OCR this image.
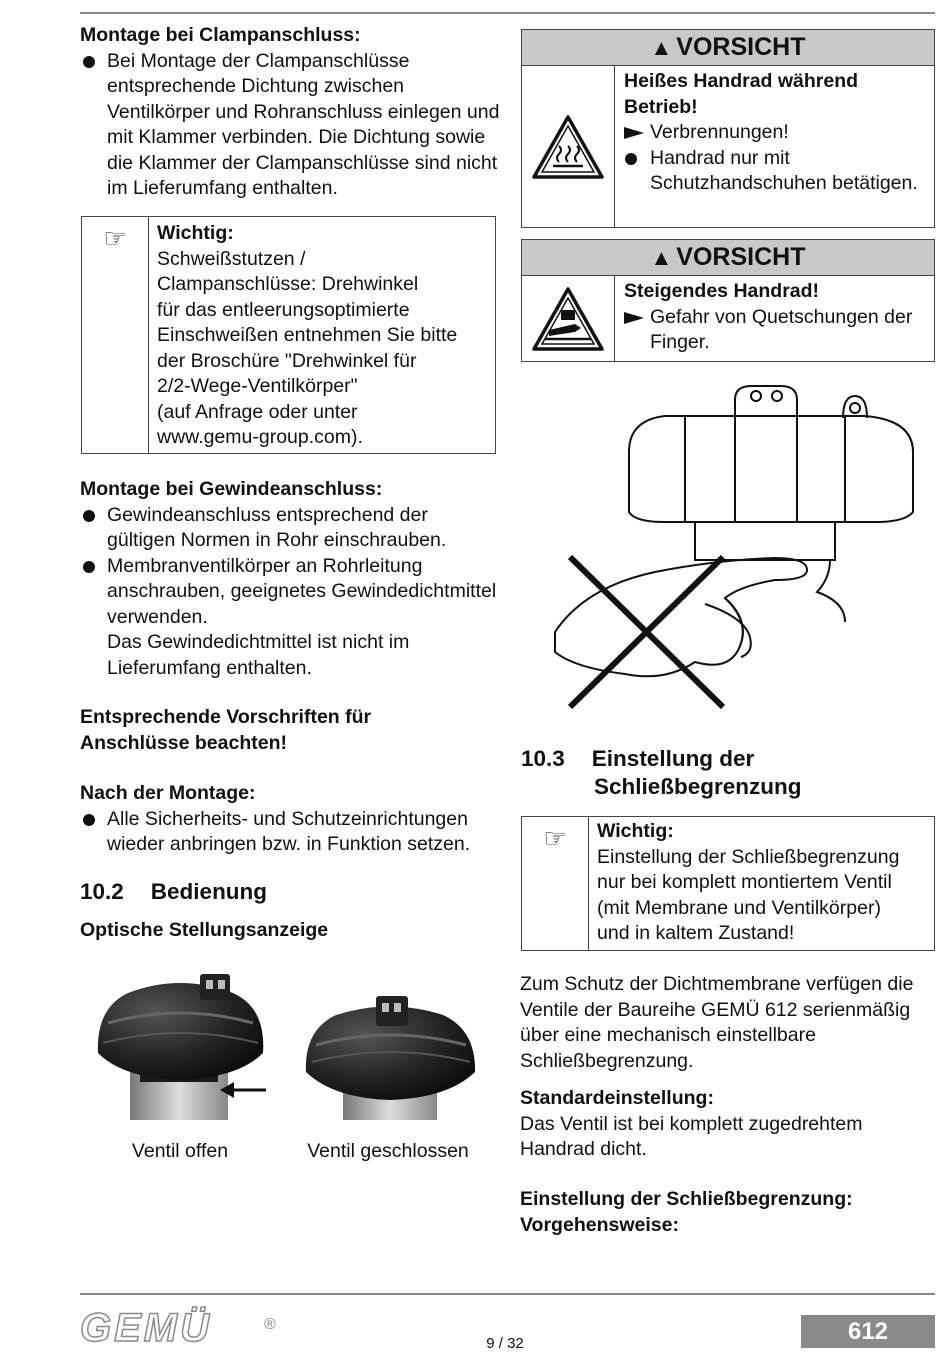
Montage bei Clampanschluss:
Bei Montage der Clampanschlüsse entsprechende Dichtung zwischen Ventilkörper und Rohranschluss einlegen und mit Klammer verbinden. Die Dichtung sowie die Klammer der Clampanschlüsse sind nicht im Lieferumfang enthalten.
☞	Wichtig:
Schweißstutzen /
Clampanschlüsse: Drehwinkel
für das entleerungsoptimierte
Einschweißen entnehmen Sie bitte
der Broschüre "Drehwinkel für
2/2-Wege-Ventilkörper"
(auf Anfrage oder unter
www.gemu-group.com).
Montage bei Gewindeanschluss:
Gewindeanschluss entsprechend der gültigen Normen in Rohr einschrauben.
Membranventilkörper an Rohrleitung anschrauben, geeignetes Gewindedichtmittel verwenden.
Das Gewindedichtmittel ist nicht im Lieferumfang enthalten.
Entsprechende Vorschriften für
Anschlüsse beachten!
Nach der Montage:
Alle Sicherheits- und Schutzeinrichtungen wieder anbringen bzw. in Funktion setzen.
10.2 Bedienung
Optische Stellungsanzeige
Ventil offen	Ventil geschlossen
▲ VORSICHT
Heißes Handrad während Betrieb!
Verbrennungen!
Handrad nur mit Schutzhandschuhen betätigen.
▲ VORSICHT
Steigendes Handrad!
Gefahr von Quetschungen der Finger.
10.3 Einstellung der
Schließbegrenzung
☞	Wichtig:
Einstellung der Schließbegrenzung
nur bei komplett montiertem Ventil
(mit Membrane und Ventilkörper)
und in kaltem Zustand!
Zum Schutz der Dichtmembrane verfügen die Ventile der Baureihe GEMÜ 612 serienmäßig über eine mechanisch einstellbare Schließbegrenzung.
Standardeinstellung:
Das Ventil ist bei komplett zugedrehtem Handrad dicht.
Einstellung der Schließbegrenzung:
Vorgehensweise:
GEMÜ	®
9 / 32	612
